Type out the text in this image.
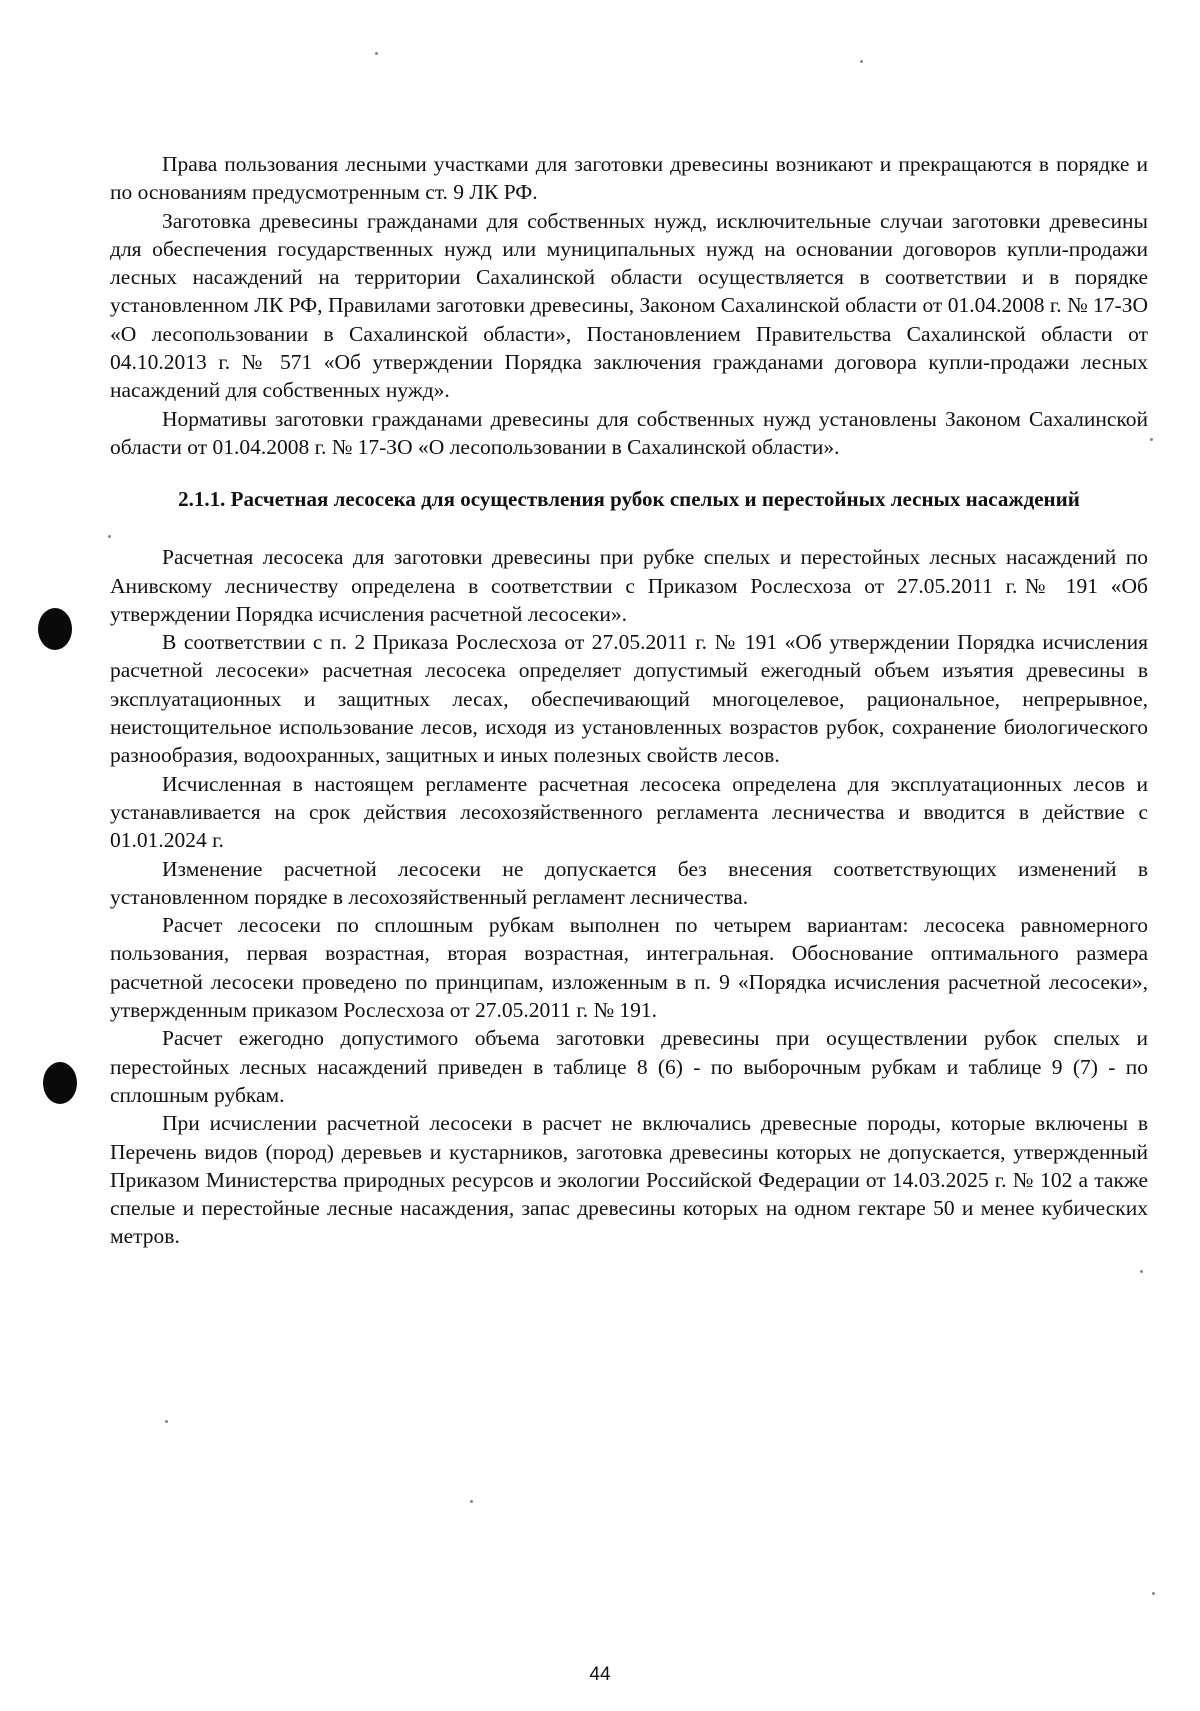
Права пользования лесными участками для заготовки древесины возникают и прекращаются в порядке и по основаниям предусмотренным ст. 9 ЛК РФ.

Заготовка древесины гражданами для собственных нужд, исключительные случаи заготовки древесины для обеспечения государственных нужд или муниципальных нужд на основании договоров купли-продажи лесных насаждений на территории Сахалинской области осуществляется в соответствии и в порядке установленном ЛК РФ, Правилами заготовки древесины, Законом Сахалинской области от 01.04.2008 г. № 17-ЗО «О лесопользовании в Сахалинской области», Постановлением Правительства Сахалинской области от 04.10.2013 г. № 571 «Об утверждении Порядка заключения гражданами договора купли-продажи лесных насаждений для собственных нужд».

Нормативы заготовки гражданами древесины для собственных нужд установлены Законом Сахалинской области от 01.04.2008 г. № 17-ЗО «О лесопользовании в Сахалинской области».

2.1.1. Расчетная лесосека для осуществления рубок спелых и перестойных лесных насаждений

Расчетная лесосека для заготовки древесины при рубке спелых и перестойных лесных насаждений по Анивскому лесничеству определена в соответствии с Приказом Рослесхоза от 27.05.2011 г.№ 191 «Об утверждении Порядка исчисления расчетной лесосеки».

В соответствии с п. 2 Приказа Рослесхоза от 27.05.2011 г. № 191 «Об утверждении Порядка исчисления расчетной лесосеки» расчетная лесосека определяет допустимый ежегодный объем изъятия древесины в эксплуатационных и защитных лесах, обеспечивающий многоцелевое, рациональное, непрерывное, неистощительное использование лесов, исходя из установленных возрастов рубок, сохранение биологического разнообразия, водоохранных, защитных и иных полезных свойств лесов.

Исчисленная в настоящем регламенте расчетная лесосека определена для эксплуатационных лесов и устанавливается на срок действия лесохозяйственного регламента лесничества и вводится в действие с 01.01.2024 г.

Изменение расчетной лесосеки не допускается без внесения соответствующих изменений в установленном порядке в лесохозяйственный регламент лесничества.

Расчет лесосеки по сплошным рубкам выполнен по четырем вариантам: лесосека равномерного пользования, первая возрастная, вторая возрастная, интегральная. Обоснование оптимального размера расчетной лесосеки проведено по принципам, изложенным в п. 9 «Порядка исчисления расчетной лесосеки», утвержденным приказом Рослесхоза от 27.05.2011 г. № 191.

Расчет ежегодно допустимого объема заготовки древесины при осуществлении рубок спелых и перестойных лесных насаждений приведен в таблице 8 (6) - по выборочным рубкам и таблице 9 (7) - по сплошным рубкам.

При исчислении расчетной лесосеки в расчет не включались древесные породы, которые включены в Перечень видов (пород) деревьев и кустарников, заготовка древесины которых не допускается, утвержденный Приказом Министерства природных ресурсов и экологии Российской Федерации от 14.03.2025 г. № 102 а также спелые и перестойные лесные насаждения, запас древесины которых на одном гектаре 50 и менее кубических метров.

44
